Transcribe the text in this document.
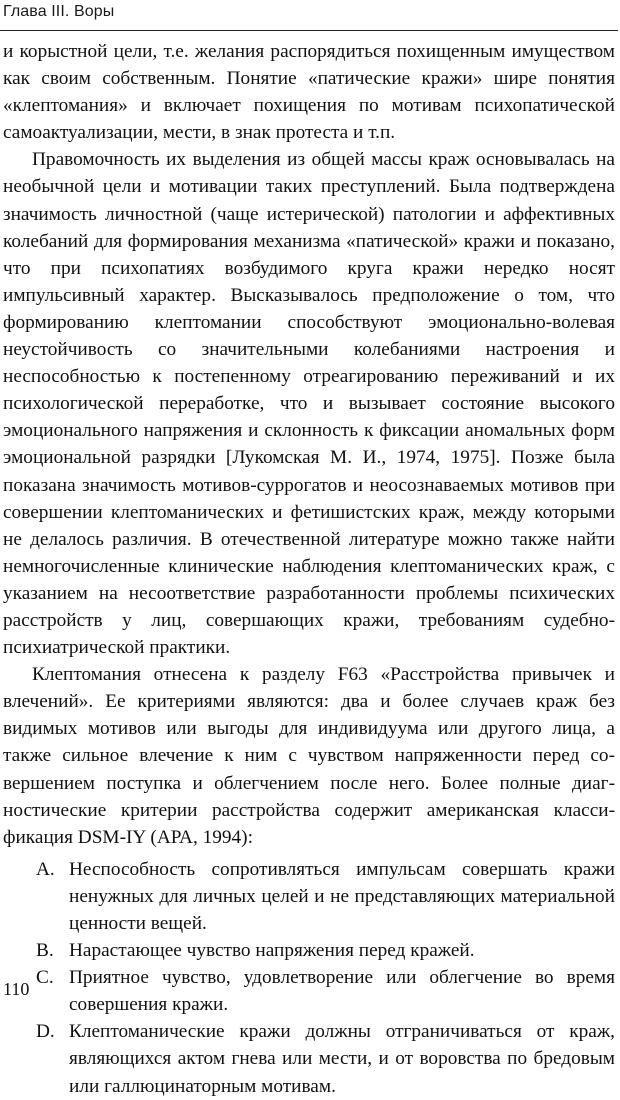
Глава III. Воры

и корыстной цели, т.е. желания распорядиться похищенным имуществом как своим собственным. Понятие «патические кражи» шире понятия «клептомания» и включает похищения по мотивам психопатической самоактуализации, мести, в знак протеста и т.п.

Правомочность их выделения из общей массы краж основывалась на необычной цели и мотивации таких преступлений. Была подтверждена значимость личностной (чаще истерической) патологии и аффективных колебаний для формирования механизма «патической» кражи и показано, что при психопатиях возбудимого круга кражи нередко носят импульсивный характер. Высказывалось предположение о том, что формированию клептомании способствуют эмоционально-волевая неустойчивость со значительными колебаниями настроения и неспособностью к постепенному отреагированию переживаний и их психологической переработке, что и вызывает состояние высокого эмоционального напряжения и склонность к фиксации аномальных форм эмоциональной разрядки [Лукомская М. И., 1974, 1975]. Позже была показана значимость мотивов-суррогатов и неосознаваемых мотивов при совершении клептоманических и фетишистских краж, между которыми не делалось различия. В отечественной литературе можно также найти немногочисленные клинические наблюдения клептоманических краж, с указанием на несоответствие разработанности проблемы психических расстройств у лиц, совершающих кражи, требованиям судебно-психиатрической практики.

Клептомания отнесена к разделу F63 «Расстройства привычек и влечений». Ее критериями являются: два и более случаев краж без видимых мотивов или выгоды для индивидуума или другого лица, а также сильное влечение к ним с чувством напряженности перед совершением поступка и облегчением после него. Более полные диагностические критерии расстройства содержит американская классификация DSM-IY (АРА, 1994):

A. Неспособность сопротивляться импульсам совершать кражи ненужных для личных целей и не представляющих материальной ценности вещей.
B. Нарастающее чувство напряжения перед кражей.
C. Приятное чувство, удовлетворение или облегчение во время совершения кражи.
D. Клептоманические кражи должны отграничиваться от краж, являющихся актом гнева или мести, и от воровства по бредовым или галлюцинаторным мотивам.
110
